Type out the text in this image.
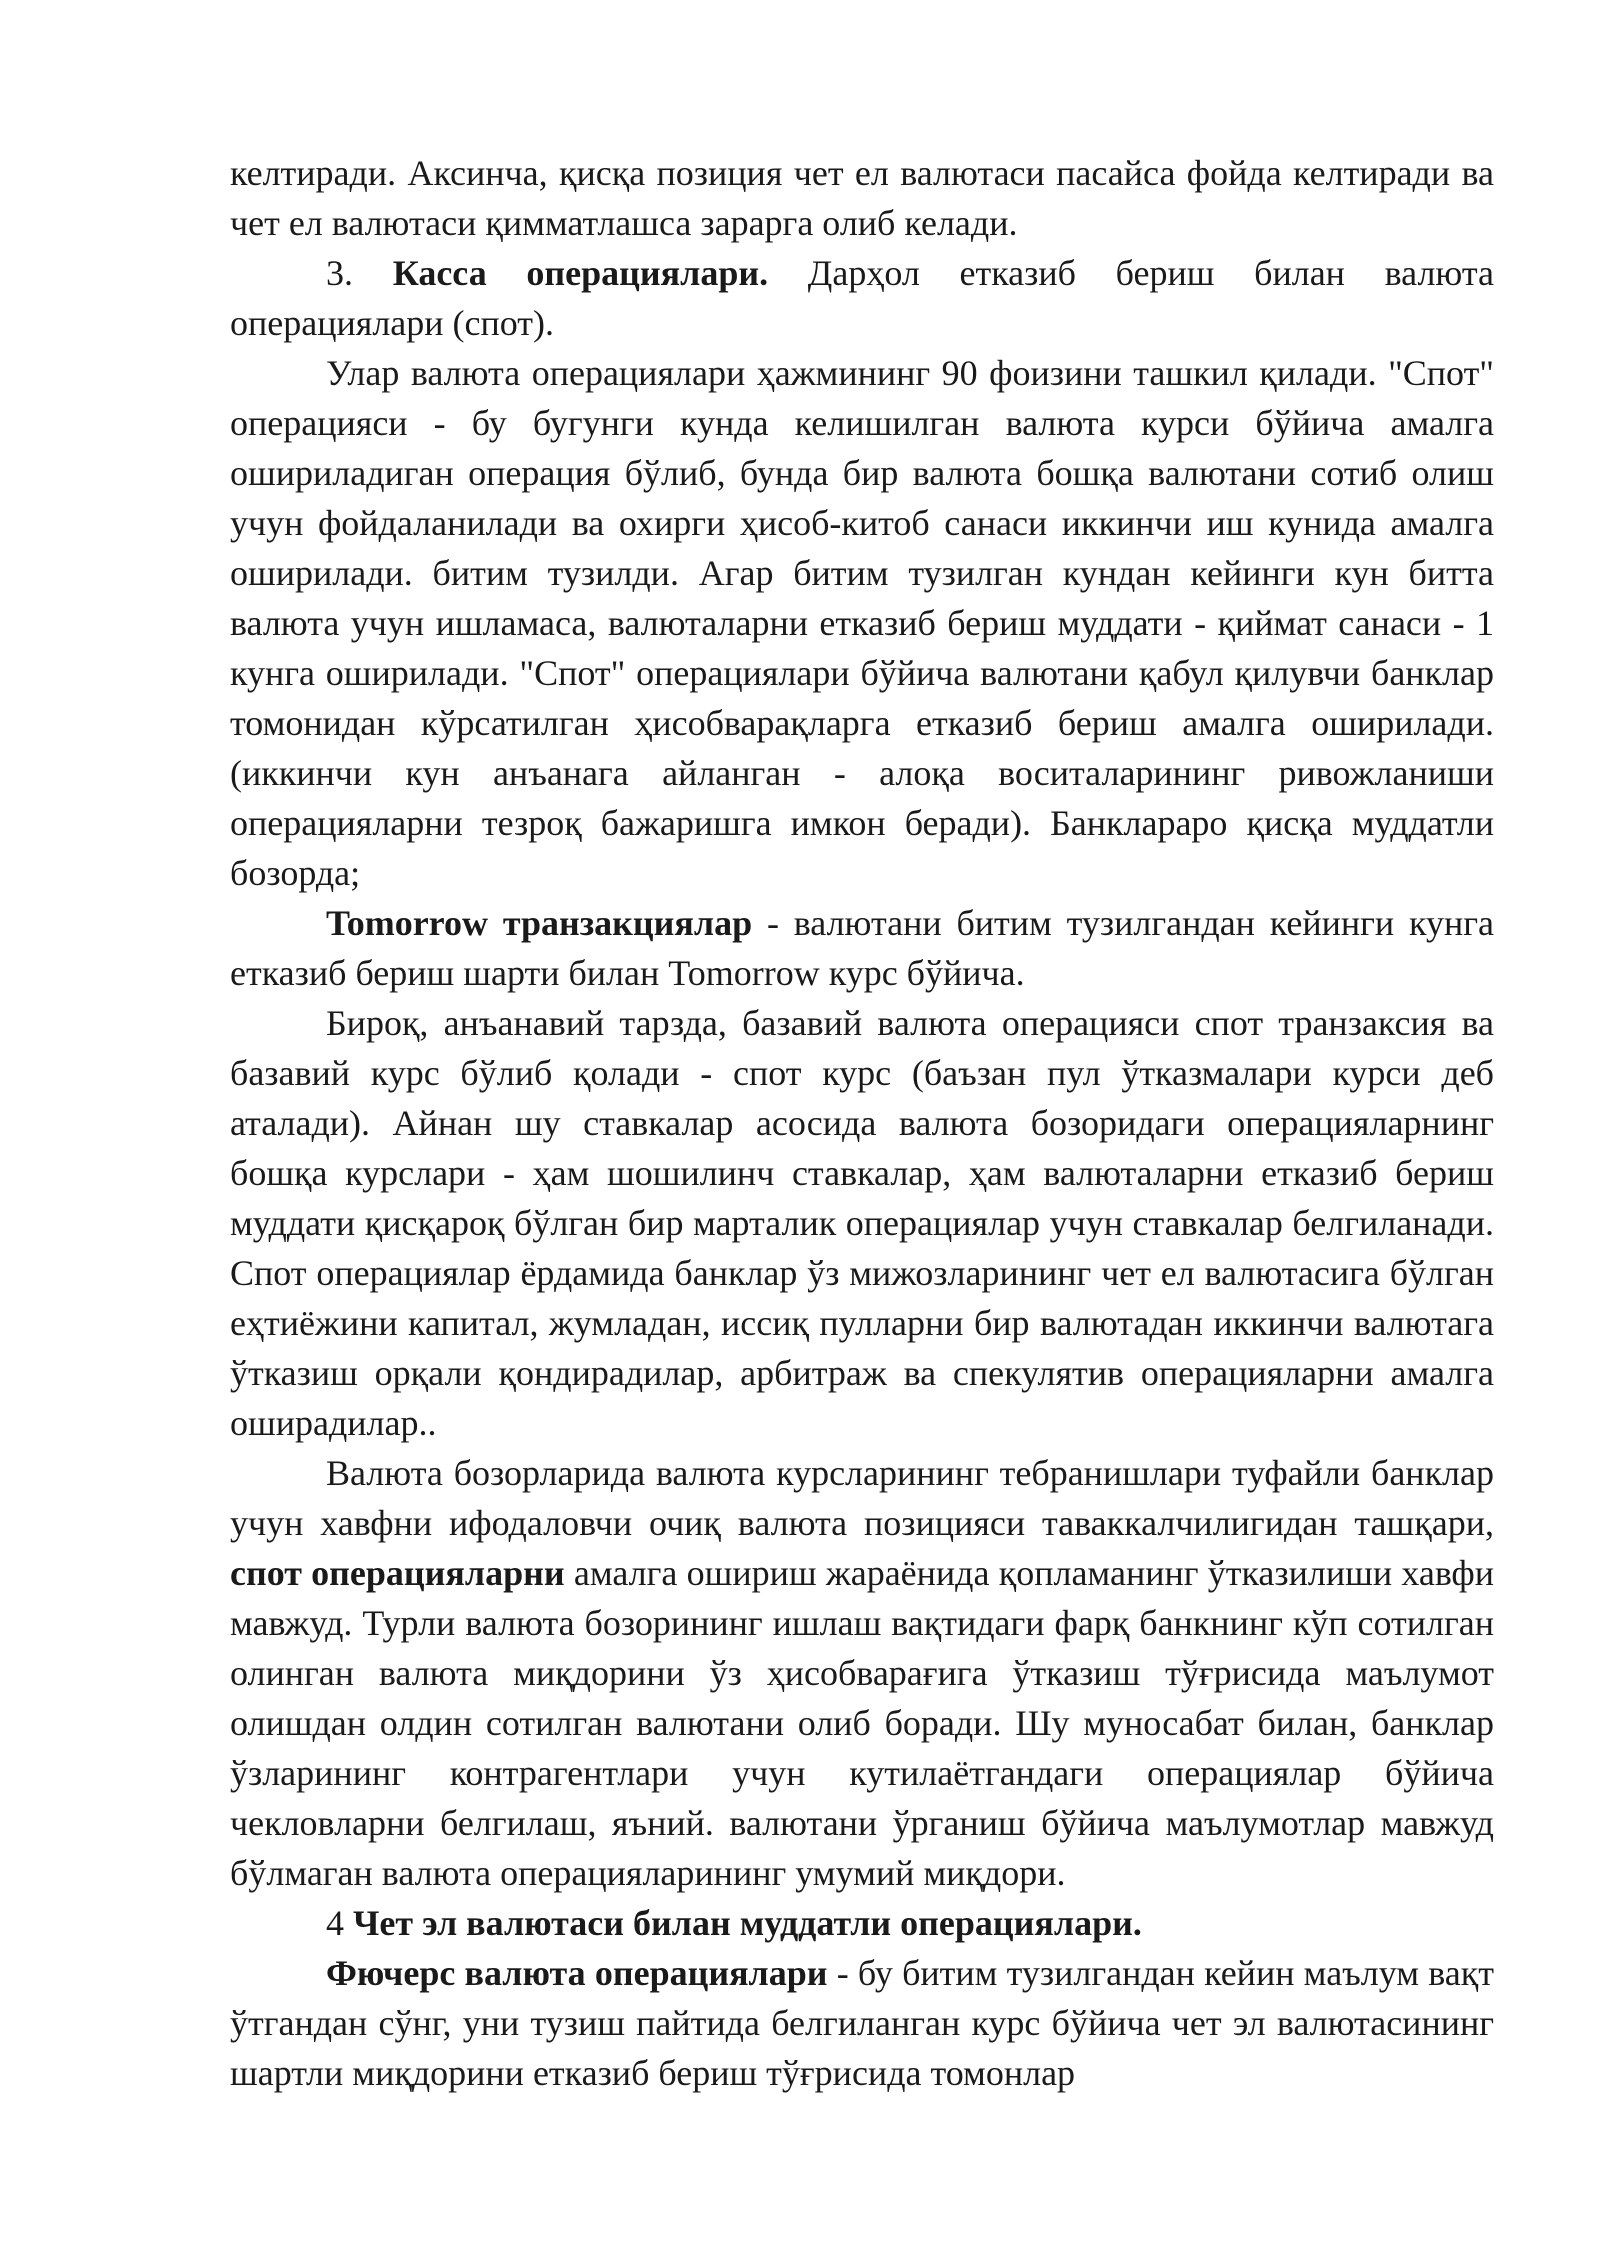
келтиради. Аксинча, қисқа позиция чет ел валютаси пасайса фойда келтиради ва чет ел валютаси қимматлашса зарарга олиб келади.

3. Касса операциялари. Дарҳол етказиб бериш билан валюта операциялари (спот).

Улар валюта операциялари ҳажмининг 90 фоизини ташкил қилади. "Спот" операцияси - бу бугунги кунда келишилган валюта курси бўйича амалга ошириладиган операция бўлиб, бунда бир валюта бошқа валютани сотиб олиш учун фойдаланилади ва охирги ҳисоб-китоб санаси иккинчи иш кунида амалга оширилади. битим тузилди. Агар битим тузилган кундан кейинги кун битта валюта учун ишламаса, валюталарни етказиб бериш муддати - қиймат санаси - 1 кунга оширилади. "Спот" операциялари бўйича валютани қабул қилувчи банклар томонидан кўрсатилган ҳисобварақларга етказиб бериш амалга оширилади. (иккинчи кун анъанага айланган - алоқа воситаларининг ривожланиши операцияларни тезроқ бажаришга имкон беради). Банклараро қисқа муддатли бозорда;

Tomorrow транзакциялар - валютани битим тузилгандан кейинги кунга етказиб бериш шарти билан Tomorrow курс бўйича.

Бироқ, анъанавий тарзда, базавий валюта операцияси спот транзаксия ва базавий курс бўлиб қолади - спот курс (баъзан пул ўтказмалари курси деб аталади). Айнан шу ставкалар асосида валюта бозоридаги операцияларнинг бошқа курслари - ҳам шошилинч ставкалар, ҳам валюталарни етказиб бериш муддати қисқароқ бўлган бир марталик операциялар учун ставкалар белгиланади. Спот операциялар ёрдамида банклар ўз мижозларининг чет ел валютасига бўлган еҳтиёжини капитал, жумладан, иссиқ пулларни бир валютадан иккинчи валютага ўтказиш орқали қондирадилар, арбитраж ва спекулятив операцияларни амалга оширадилар..

Валюта бозорларида валюта курсларининг тебранишлари туфайли банклар учун хавфни ифодаловчи очиқ валюта позицияси таваккалчилигидан ташқари, спот операцияларни амалга ошириш жараёнида қопламанинг ўтказилиши хавфи мавжуд. Турли валюта бозорининг ишлаш вақтидаги фарқ банкнинг кўп сотилган олинган валюта миқдорини ўз ҳисобварағига ўтказиш тўғрисида маълумот олишдан олдин сотилган валютани олиб боради. Шу муносабат билан, банклар ўзларининг контрагентлари учун кутилаётгандаги операциялар бўйича чекловларни белгилаш, яъний. валютани ўрганиш бўйича маълумотлар мавжуд бўлмаган валюта операцияларининг умумий миқдори.

4 Чет эл валютаси билан муддатли операциялари.

Фючерс валюта операциялари - бу битим тузилгандан кейин маълум вақт ўтгандан сўнг, уни тузиш пайтида белгиланган курс бўйича чет эл валютасининг шартли миқдорини етказиб бериш тўғрисида томонлар
